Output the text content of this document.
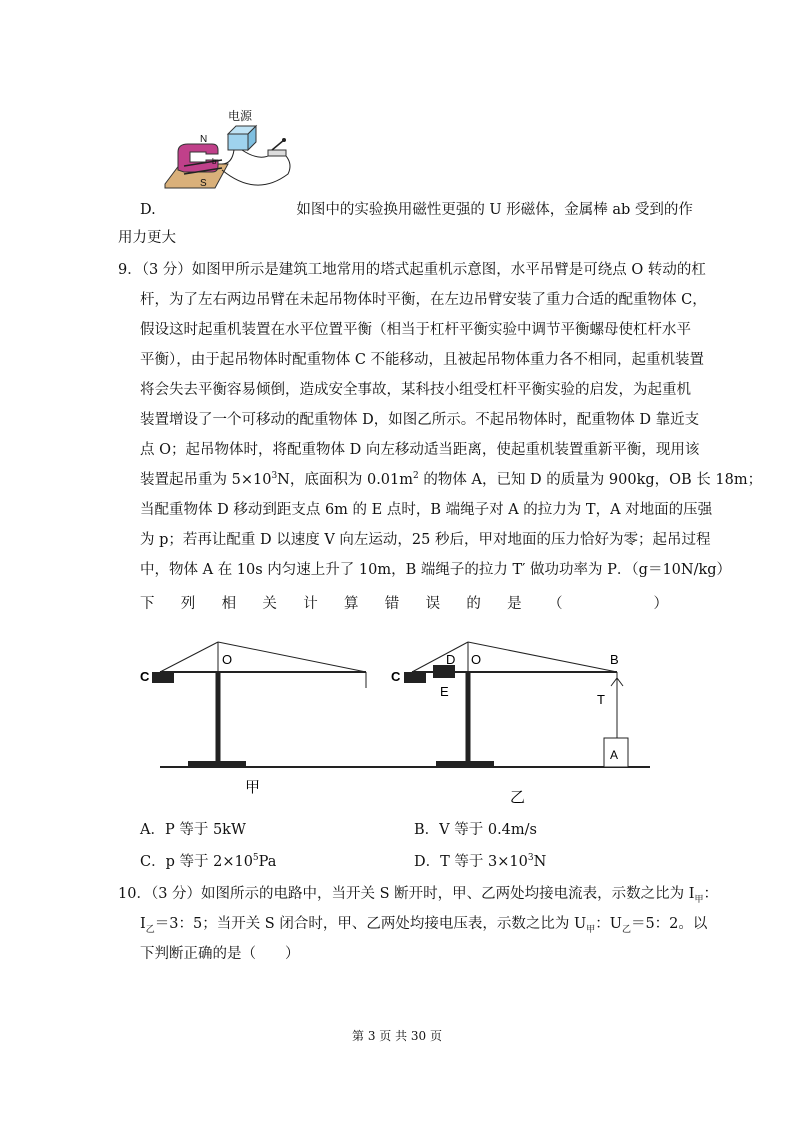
电源
N
S
b
D.	如图中的实验换用磁性更强的 U 形磁体，金属棒 ab 受到的作
用力更大
9．（3 分）如图甲所示是建筑工地常用的塔式起重机示意图，水平吊臂是可绕点 O 转动的杠
杆，为了左右两边吊臂在未起吊物体时平衡，在左边吊臂安装了重力合适的配重物体 C，
假设这时起重机装置在水平位置平衡（相当于杠杆平衡实验中调节平衡螺母使杠杆水平
平衡），由于起吊物体时配重物体 C 不能移动，且被起吊物体重力各不相同，起重机装置
将会失去平衡容易倾倒，造成安全事故，某科技小组受杠杆平衡实验的启发，为起重机
装置增设了一个可移动的配重物体 D，如图乙所示。不起吊物体时，配重物体 D 靠近支
点 O；起吊物体时，将配重物体 D 向左移动适当距离，使起重机装置重新平衡，现用该
装置起吊重为 $5\times 10^3N$，底面积为 $0.01m^2$ 的物体 A，已知 D 的质量为 900kg，OB 长 18m；
当配重物体 D 移动到距支点 6m 的 E 点时，B 端绳子对 A 的拉力为 T，A 对地面的压强
为 p；若再让配重 D 以速度 V 向左运动，25 秒后，甲对地面的压力恰好为零；起吊过程
中，物体 A 在 10s 内匀速上升了 10m，B 端绳子的拉力 T′ 做功功率为 P．（g＝10N/kg）
下 列 相 关 计 算 错 误 的 是 （	）
C
O
甲
C
D O
E
B
T
A
乙
A．P 等于 5kW	B．V 等于 0.4m/s
C．p 等于 $2\times 10^5Pa$	D．T 等于 $3\times 10^3N$
10．（3 分）如图所示的电路中，当开关 S 断开时，甲、乙两处均接电流表，示数之比为 $I_甲$：
$I_乙=3$：5；当开关 S 闭合时，甲、乙两处均接电压表，示数之比为 $U_甲$：$U_乙=5$：2。以
下判断正确的是（　　）
第 3 页 共 30 页
